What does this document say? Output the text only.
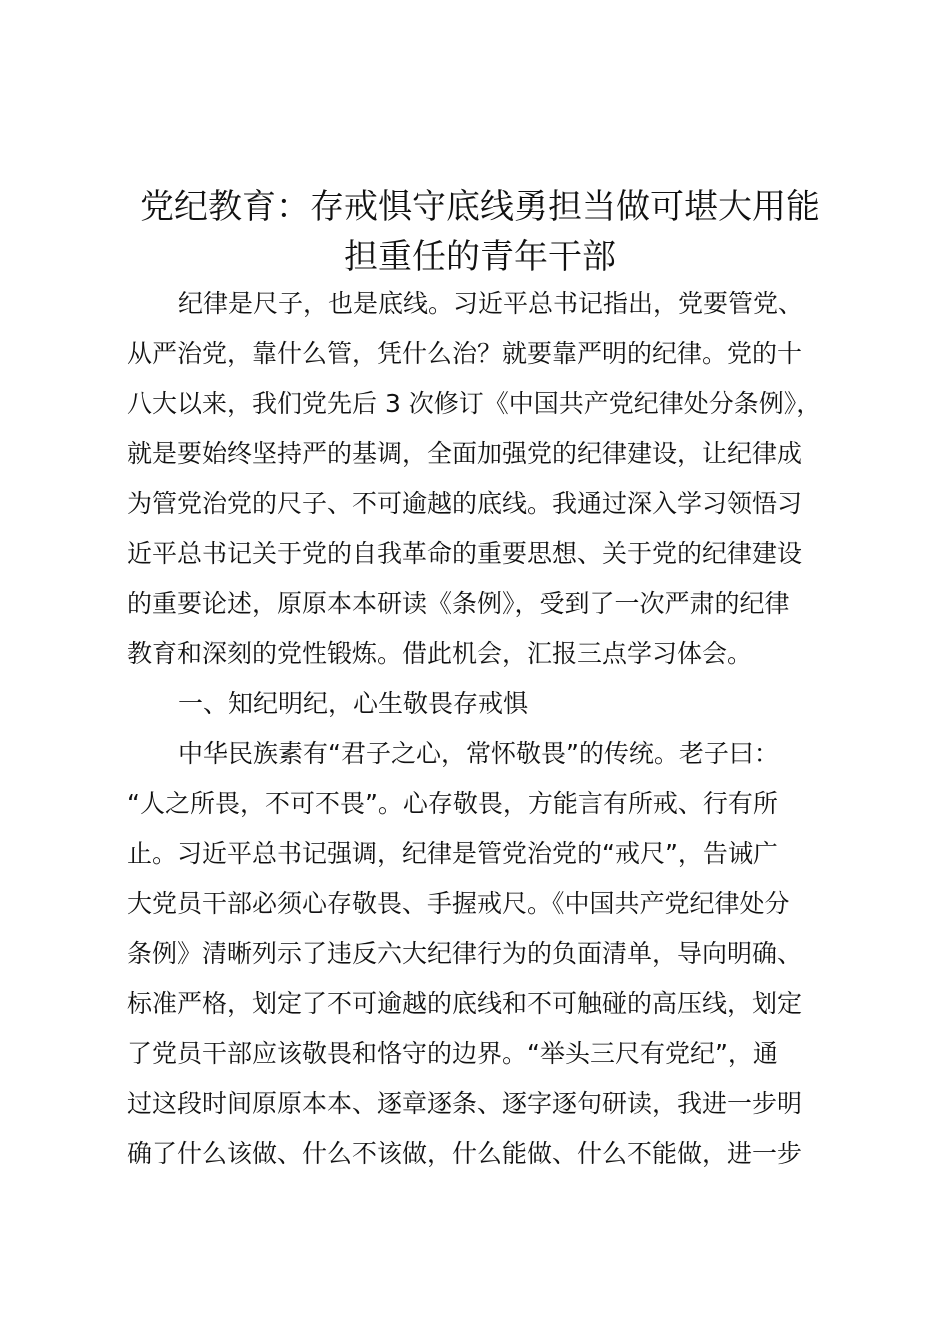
党纪教育：存戒惧守底线勇担当做可堪大用能
担重任的青年干部

纪律是尺子，也是底线。习近平总书记指出，党要管党、

从严治党，靠什么管，凭什么治？就要靠严明的纪律。党的十

八大以来，我们党先后 3 次修订《中国共产党纪律处分条例》，

就是要始终坚持严的基调，全面加强党的纪律建设，让纪律成

为管党治党的尺子、不可逾越的底线。我通过深入学习领悟习

近平总书记关于党的自我革命的重要思想、关于党的纪律建设

的重要论述，原原本本研读《条例》，受到了一次严肃的纪律

教育和深刻的党性锻炼。借此机会，汇报三点学习体会。

一、知纪明纪，心生敬畏存戒惧

中华民族素有“君子之心，常怀敬畏”的传统。老子曰：

“人之所畏，不可不畏”。心存敬畏，方能言有所戒、行有所

止。习近平总书记强调，纪律是管党治党的“戒尺”，告诫广

大党员干部必须心存敬畏、手握戒尺。《中国共产党纪律处分

条例》清晰列示了违反六大纪律行为的负面清单，导向明确、

标准严格，划定了不可逾越的底线和不可触碰的高压线，划定

了党员干部应该敬畏和恪守的边界。“举头三尺有党纪”，通

过这段时间原原本本、逐章逐条、逐字逐句研读，我进一步明

确了什么该做、什么不该做，什么能做、什么不能做，进一步
